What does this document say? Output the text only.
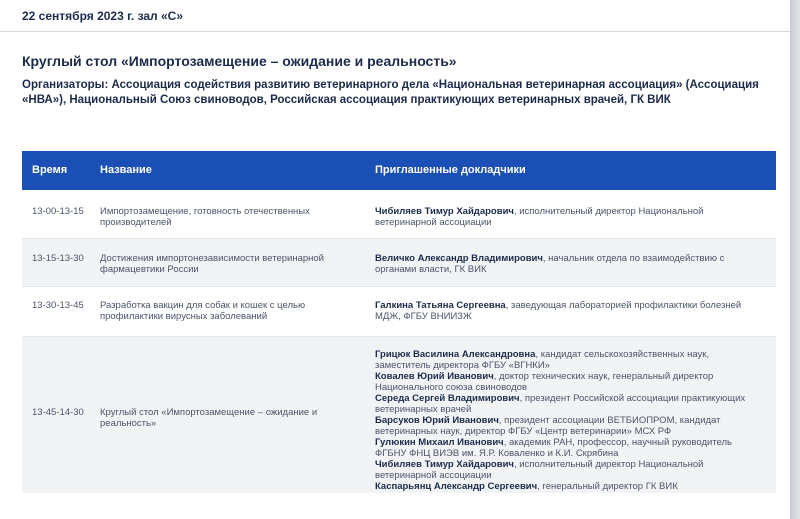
22 сентября 2023 г. зал «С»
Круглый стол «Импортозамещение – ожидание и реальность»
Организаторы: Ассоциация содействия развитию ветеринарного дела «Национальная ветеринарная ассоциация» (Ассоциация «НВА»), Национальный Союз свиноводов, Российская ассоциация практикующих ветеринарных врачей, ГК ВИК
Время	Название	Приглашенные докладчики
13-00-13-15 Импортозамещение, готовность отечественных производителей
Чибиляев Тимур Хайдарович, исполнительный директор Национальной ветеринарной ассоциации
13-15-13-30 Достижения импортонезависимости ветеринарной фармацевтики России
Величко Александр Владимирович, начальник отдела по взаимодействию с органами власти, ГК ВИК
13-30-13-45 Разработка вакцин для собак и кошек с целью профилактики вирусных заболеваний
Галкина Татьяна Сергеевна, заведующая лабораторией профилактики болезней МДЖ, ФГБУ ВНИИЗЖ
13-45-14-30 Круглый стол «Импортозамещение – ожидание и реальность»
Грицюк Василина Александровна, кандидат сельскохозяйственных наук, заместитель директора ФГБУ «ВГНКИ»
Ковалев Юрий Иванович, доктор технических наук, генеральный директор Национального союза свиноводов
Середа Сергей Владимирович, президент Российской ассоциации практикующих ветеринарных врачей
Барсуков Юрий Иванович, президент ассоциации ВЕТБИОПРОМ, кандидат ветеринарных наук, директор ФГБУ «Центр ветеринарии» МСХ РФ
Гулюкин Михаил Иванович, академик РАН, профессор, научный руководитель ФГБНУ ФНЦ ВИЭВ им. Я.Р. Коваленко и К.И. Скрябина
Чибиляев Тимур Хайдарович, исполнительный директор Национальной ветеринарной ассоциации
Каспарьянц Александр Сергеевич, генеральный директор ГК ВИК
